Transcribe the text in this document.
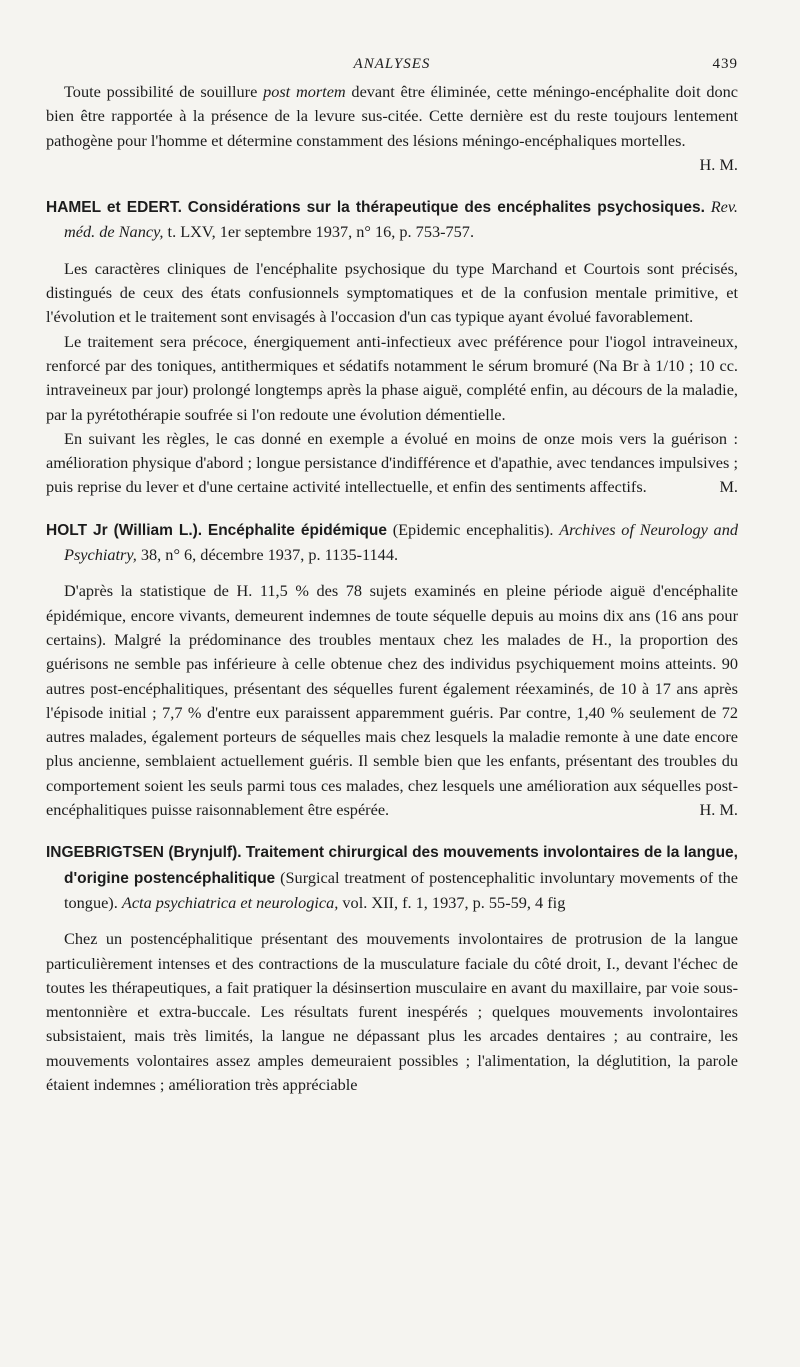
ANALYSES	439

Toute possibilité de souillure post mortem devant être éliminée, cette méningo-encéphalite doit donc bien être rapportée à la présence de la levure sus-citée. Cette dernière est du reste toujours lentement pathogène pour l'homme et détermine constamment des lésions méningo-encéphaliques mortelles.
H. M.

HAMEL et EDERT. Considérations sur la thérapeutique des encéphalites psychosiques. Rev. méd. de Nancy, t. LXV, 1er septembre 1937, n° 16, p. 753-757.

Les caractères cliniques de l'encéphalite psychosique du type Marchand et Courtois sont précisés, distingués de ceux des états confusionnels symptomatiques et de la confusion mentale primitive, et l'évolution et le traitement sont envisagés à l'occasion d'un cas typique ayant évolué favorablement.

Le traitement sera précoce, énergiquement anti-infectieux avec préférence pour l'iogol intraveineux, renforcé par des toniques, antithermiques et sédatifs notamment le sérum bromuré (Na Br à 1/10 ; 10 cc. intraveineux par jour) prolongé longtemps après la phase aiguë, complété enfin, au décours de la maladie, par la pyrétothérapie soufrée si l'on redoute une évolution démentielle.

En suivant les règles, le cas donné en exemple a évolué en moins de onze mois vers la guérison : amélioration physique d'abord ; longue persistance d'indifférence et d'apathie, avec tendances impulsives ; puis reprise du lever et d'une certaine activité intellectuelle, et enfin des sentiments affectifs.	M.

HOLT Jr (William L.). Encéphalite épidémique (Epidemic encephalitis). Archives of Neurology and Psychiatry, 38, n° 6, décembre 1937, p. 1135-1144.

D'après la statistique de H. 11,5 % des 78 sujets examinés en pleine période aiguë d'encéphalite épidémique, encore vivants, demeurent indemnes de toute séquelle depuis au moins dix ans (16 ans pour certains). Malgré la prédominance des troubles mentaux chez les malades de H., la proportion des guérisons ne semble pas inférieure à celle obtenue chez des individus psychiquement moins atteints. 90 autres post-encéphalitiques, présentant des séquelles furent également réexaminés, de 10 à 17 ans après l'épisode initial ; 7,7 % d'entre eux paraissent apparemment guéris. Par contre, 1,40 % seulement de 72 autres malades, également porteurs de séquelles mais chez lesquels la maladie remonte à une date encore plus ancienne, semblaient actuellement guéris. Il semble bien que les enfants, présentant des troubles du comportement soient les seuls parmi tous ces malades, chez lesquels une amélioration aux séquelles post-encéphalitiques puisse raisonnablement être espérée.	H. M.

INGEBRIGTSEN (Brynjulf). Traitement chirurgical des mouvements involontaires de la langue, d'origine postencéphalitique (Surgical treatment of postencephalitic involuntary movements of the tongue). Acta psychiatrica et neurologica, vol. XII, f. 1, 1937, p. 55-59, 4 fig

Chez un postencéphalitique présentant des mouvements involontaires de protrusion de la langue particulièrement intenses et des contractions de la musculature faciale du côté droit, I., devant l'échec de toutes les thérapeutiques, a fait pratiquer la désinsertion musculaire en avant du maxillaire, par voie sous-mentonnière et extra-buccale. Les résultats furent inespérés ; quelques mouvements involontaires subsistaient, mais très limités, la langue ne dépassant plus les arcades dentaires ; au contraire, les mouvements volontaires assez amples demeuraient possibles ; l'alimentation, la déglutition, la parole étaient indemnes ; amélioration très appréciable
